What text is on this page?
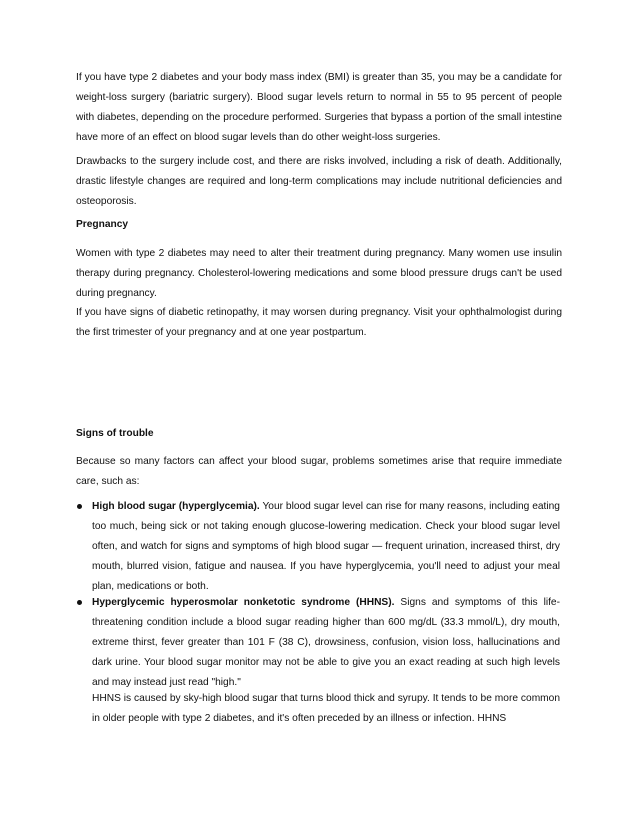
If you have type 2 diabetes and your body mass index (BMI) is greater than 35, you may be a candidate for weight-loss surgery (bariatric surgery). Blood sugar levels return to normal in 55 to 95 percent of people with diabetes, depending on the procedure performed. Surgeries that bypass a portion of the small intestine have more of an effect on blood sugar levels than do other weight-loss surgeries.

Drawbacks to the surgery include cost, and there are risks involved, including a risk of death. Additionally, drastic lifestyle changes are required and long-term complications may include nutritional deficiencies and osteoporosis.

Pregnancy

Women with type 2 diabetes may need to alter their treatment during pregnancy. Many women use insulin therapy during pregnancy. Cholesterol-lowering medications and some blood pressure drugs can't be used during pregnancy.

If you have signs of diabetic retinopathy, it may worsen during pregnancy. Visit your ophthalmologist during the first trimester of your pregnancy and at one year postpartum.

Signs of trouble

Because so many factors can affect your blood sugar, problems sometimes arise that require immediate care, such as:

High blood sugar (hyperglycemia). Your blood sugar level can rise for many reasons, including eating too much, being sick or not taking enough glucose-lowering medication. Check your blood sugar level often, and watch for signs and symptoms of high blood sugar — frequent urination, increased thirst, dry mouth, blurred vision, fatigue and nausea. If you have hyperglycemia, you'll need to adjust your meal plan, medications or both.

Hyperglycemic hyperosmolar nonketotic syndrome (HHNS). Signs and symptoms of this life-threatening condition include a blood sugar reading higher than 600 mg/dL (33.3 mmol/L), dry mouth, extreme thirst, fever greater than 101 F (38 C), drowsiness, confusion, vision loss, hallucinations and dark urine. Your blood sugar monitor may not be able to give you an exact reading at such high levels and may instead just read "high."

HHNS is caused by sky-high blood sugar that turns blood thick and syrupy. It tends to be more common in older people with type 2 diabetes, and it's often preceded by an illness or infection. HHNS
